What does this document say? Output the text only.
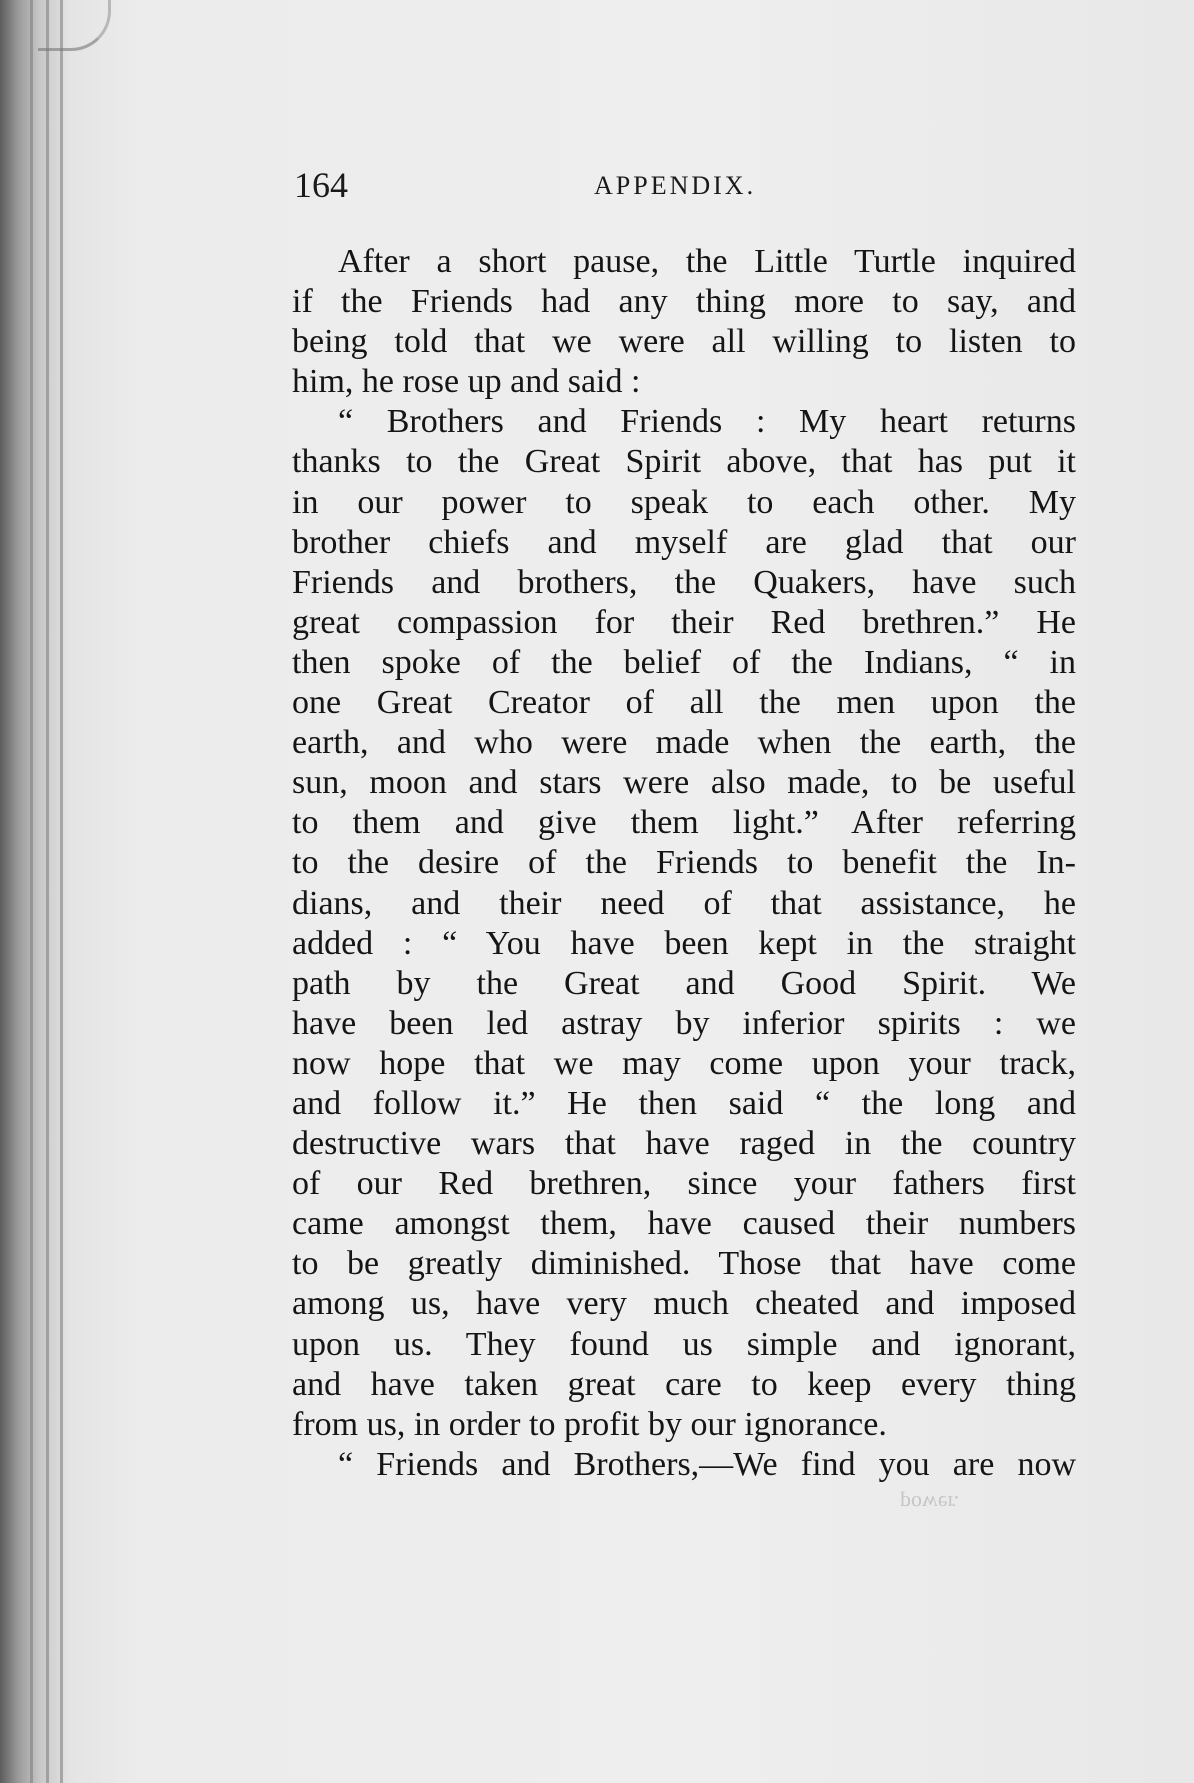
164	APPENDIX.
After a short pause, the Little Turtle inquired
if the Friends had any thing more to say, and
being told that we were all willing to listen to
him, he rose up and said :
“ Brothers and Friends : My heart returns
thanks to the Great Spirit above, that has put it
in our power to speak to each other. My
brother chiefs and myself are glad that our
Friends and brothers, the Quakers, have such
great compassion for their Red brethren.” He
then spoke of the belief of the Indians, “ in
one Great Creator of all the men upon the
earth, and who were made when the earth, the
sun, moon and stars were also made, to be useful
to them and give them light.” After referring
to the desire of the Friends to benefit the In-
dians, and their need of that assistance, he
added : “ You have been kept in the straight
path by the Great and Good Spirit. We
have been led astray by inferior spirits : we
now hope that we may come upon your track,
and follow it.” He then said “ the long and
destructive wars that have raged in the country
of our Red brethren, since your fathers first
came amongst them, have caused their numbers
to be greatly diminished. Those that have come
among us, have very much cheated and imposed
upon us. They found us simple and ignorant,
and have taken great care to keep every thing
from us, in order to profit by our ignorance.
“ Friends and Brothers,—We find you are now
power.
